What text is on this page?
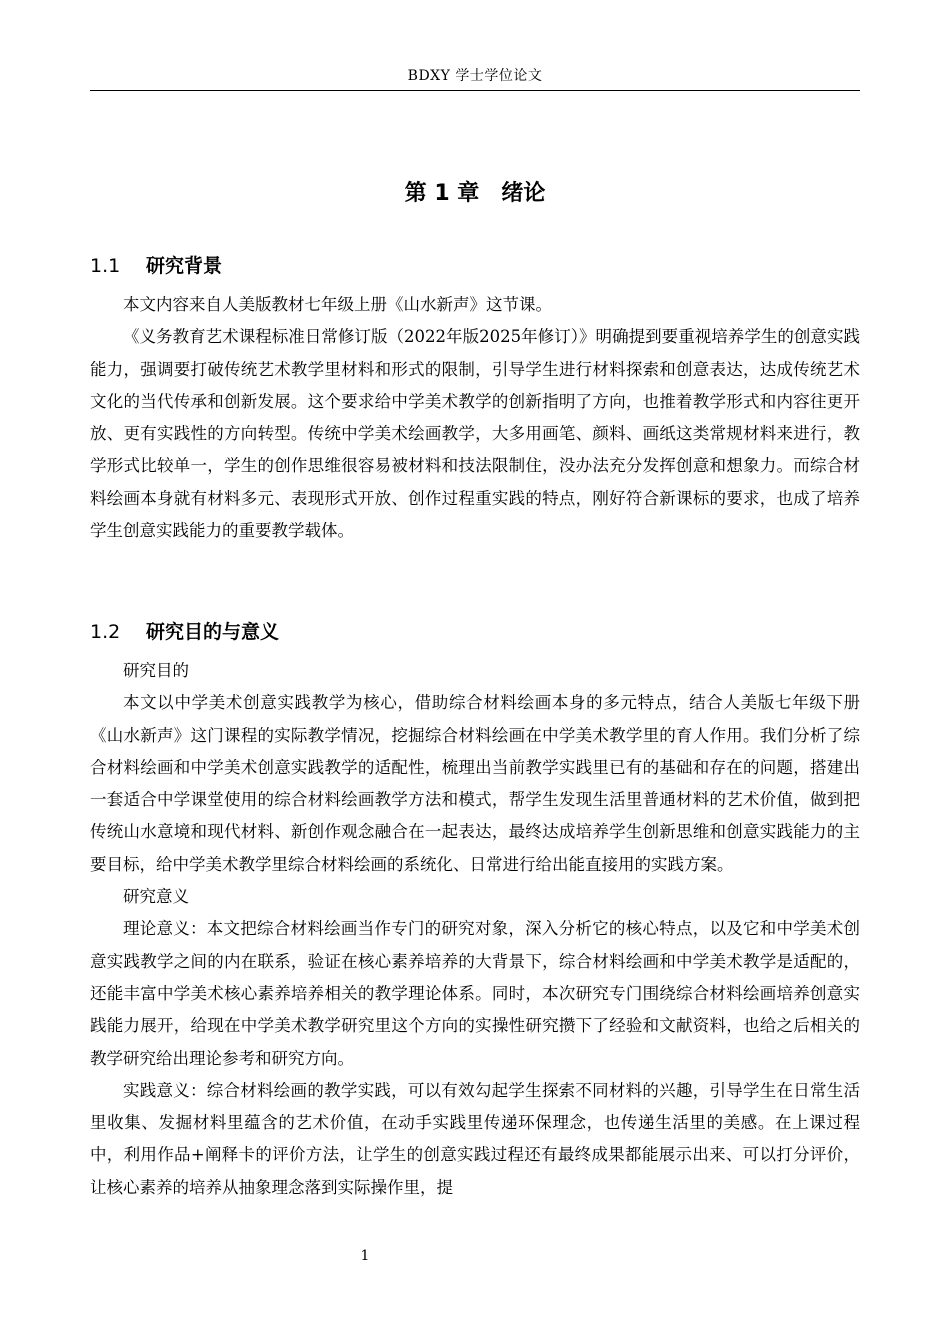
BDXY 学士学位论文
第 1 章 绪论
1.1 研究背景

本文内容来自人美版教材七年级上册《山水新声》这节课。

《义务教育艺术课程标准日常修订版（2022年版2025年修订）》明确提到要重视培养学生的创意实践能力，强调要打破传统艺术教学里材料和形式的限制，引导学生进行材料探索和创意表达，达成传统艺术文化的当代传承和创新发展。这个要求给中学美术教学的创新指明了方向，也推着教学形式和内容往更开放、更有实践性的方向转型。传统中学美术绘画教学，大多用画笔、颜料、画纸这类常规材料来进行，教学形式比较单一，学生的创作思维很容易被材料和技法限制住，没办法充分发挥创意和想象力。而综合材料绘画本身就有材料多元、表现形式开放、创作过程重实践的特点，刚好符合新课标的要求，也成了培养学生创意实践能力的重要教学载体。

1.2 研究目的与意义

研究目的

本文以中学美术创意实践教学为核心，借助综合材料绘画本身的多元特点，结合人美版七年级下册《山水新声》这门课程的实际教学情况，挖掘综合材料绘画在中学美术教学里的育人作用。我们分析了综合材料绘画和中学美术创意实践教学的适配性，梳理出当前教学实践里已有的基础和存在的问题，搭建出一套适合中学课堂使用的综合材料绘画教学方法和模式，帮学生发现生活里普通材料的艺术价值，做到把传统山水意境和现代材料、新创作观念融合在一起表达，最终达成培养学生创新思维和创意实践能力的主要目标，给中学美术教学里综合材料绘画的系统化、日常进行给出能直接用的实践方案。

研究意义

理论意义：本文把综合材料绘画当作专门的研究对象，深入分析它的核心特点，以及它和中学美术创意实践教学之间的内在联系，验证在核心素养培养的大背景下，综合材料绘画和中学美术教学是适配的，还能丰富中学美术核心素养培养相关的教学理论体系。同时，本次研究专门围绕综合材料绘画培养创意实践能力展开，给现在中学美术教学研究里这个方向的实操性研究攒下了经验和文献资料，也给之后相关的教学研究给出理论参考和研究方向。

实践意义：综合材料绘画的教学实践，可以有效勾起学生探索不同材料的兴趣，引导学生在日常生活里收集、发掘材料里蕴含的艺术价值，在动手实践里传递环保理念，也传递生活里的美感。在上课过程中，利用作品+阐释卡的评价方法，让学生的创意实践过程还有最终成果都能展示出来、可以打分评价，让核心素养的培养从抽象理念落到实际操作里，提

1
